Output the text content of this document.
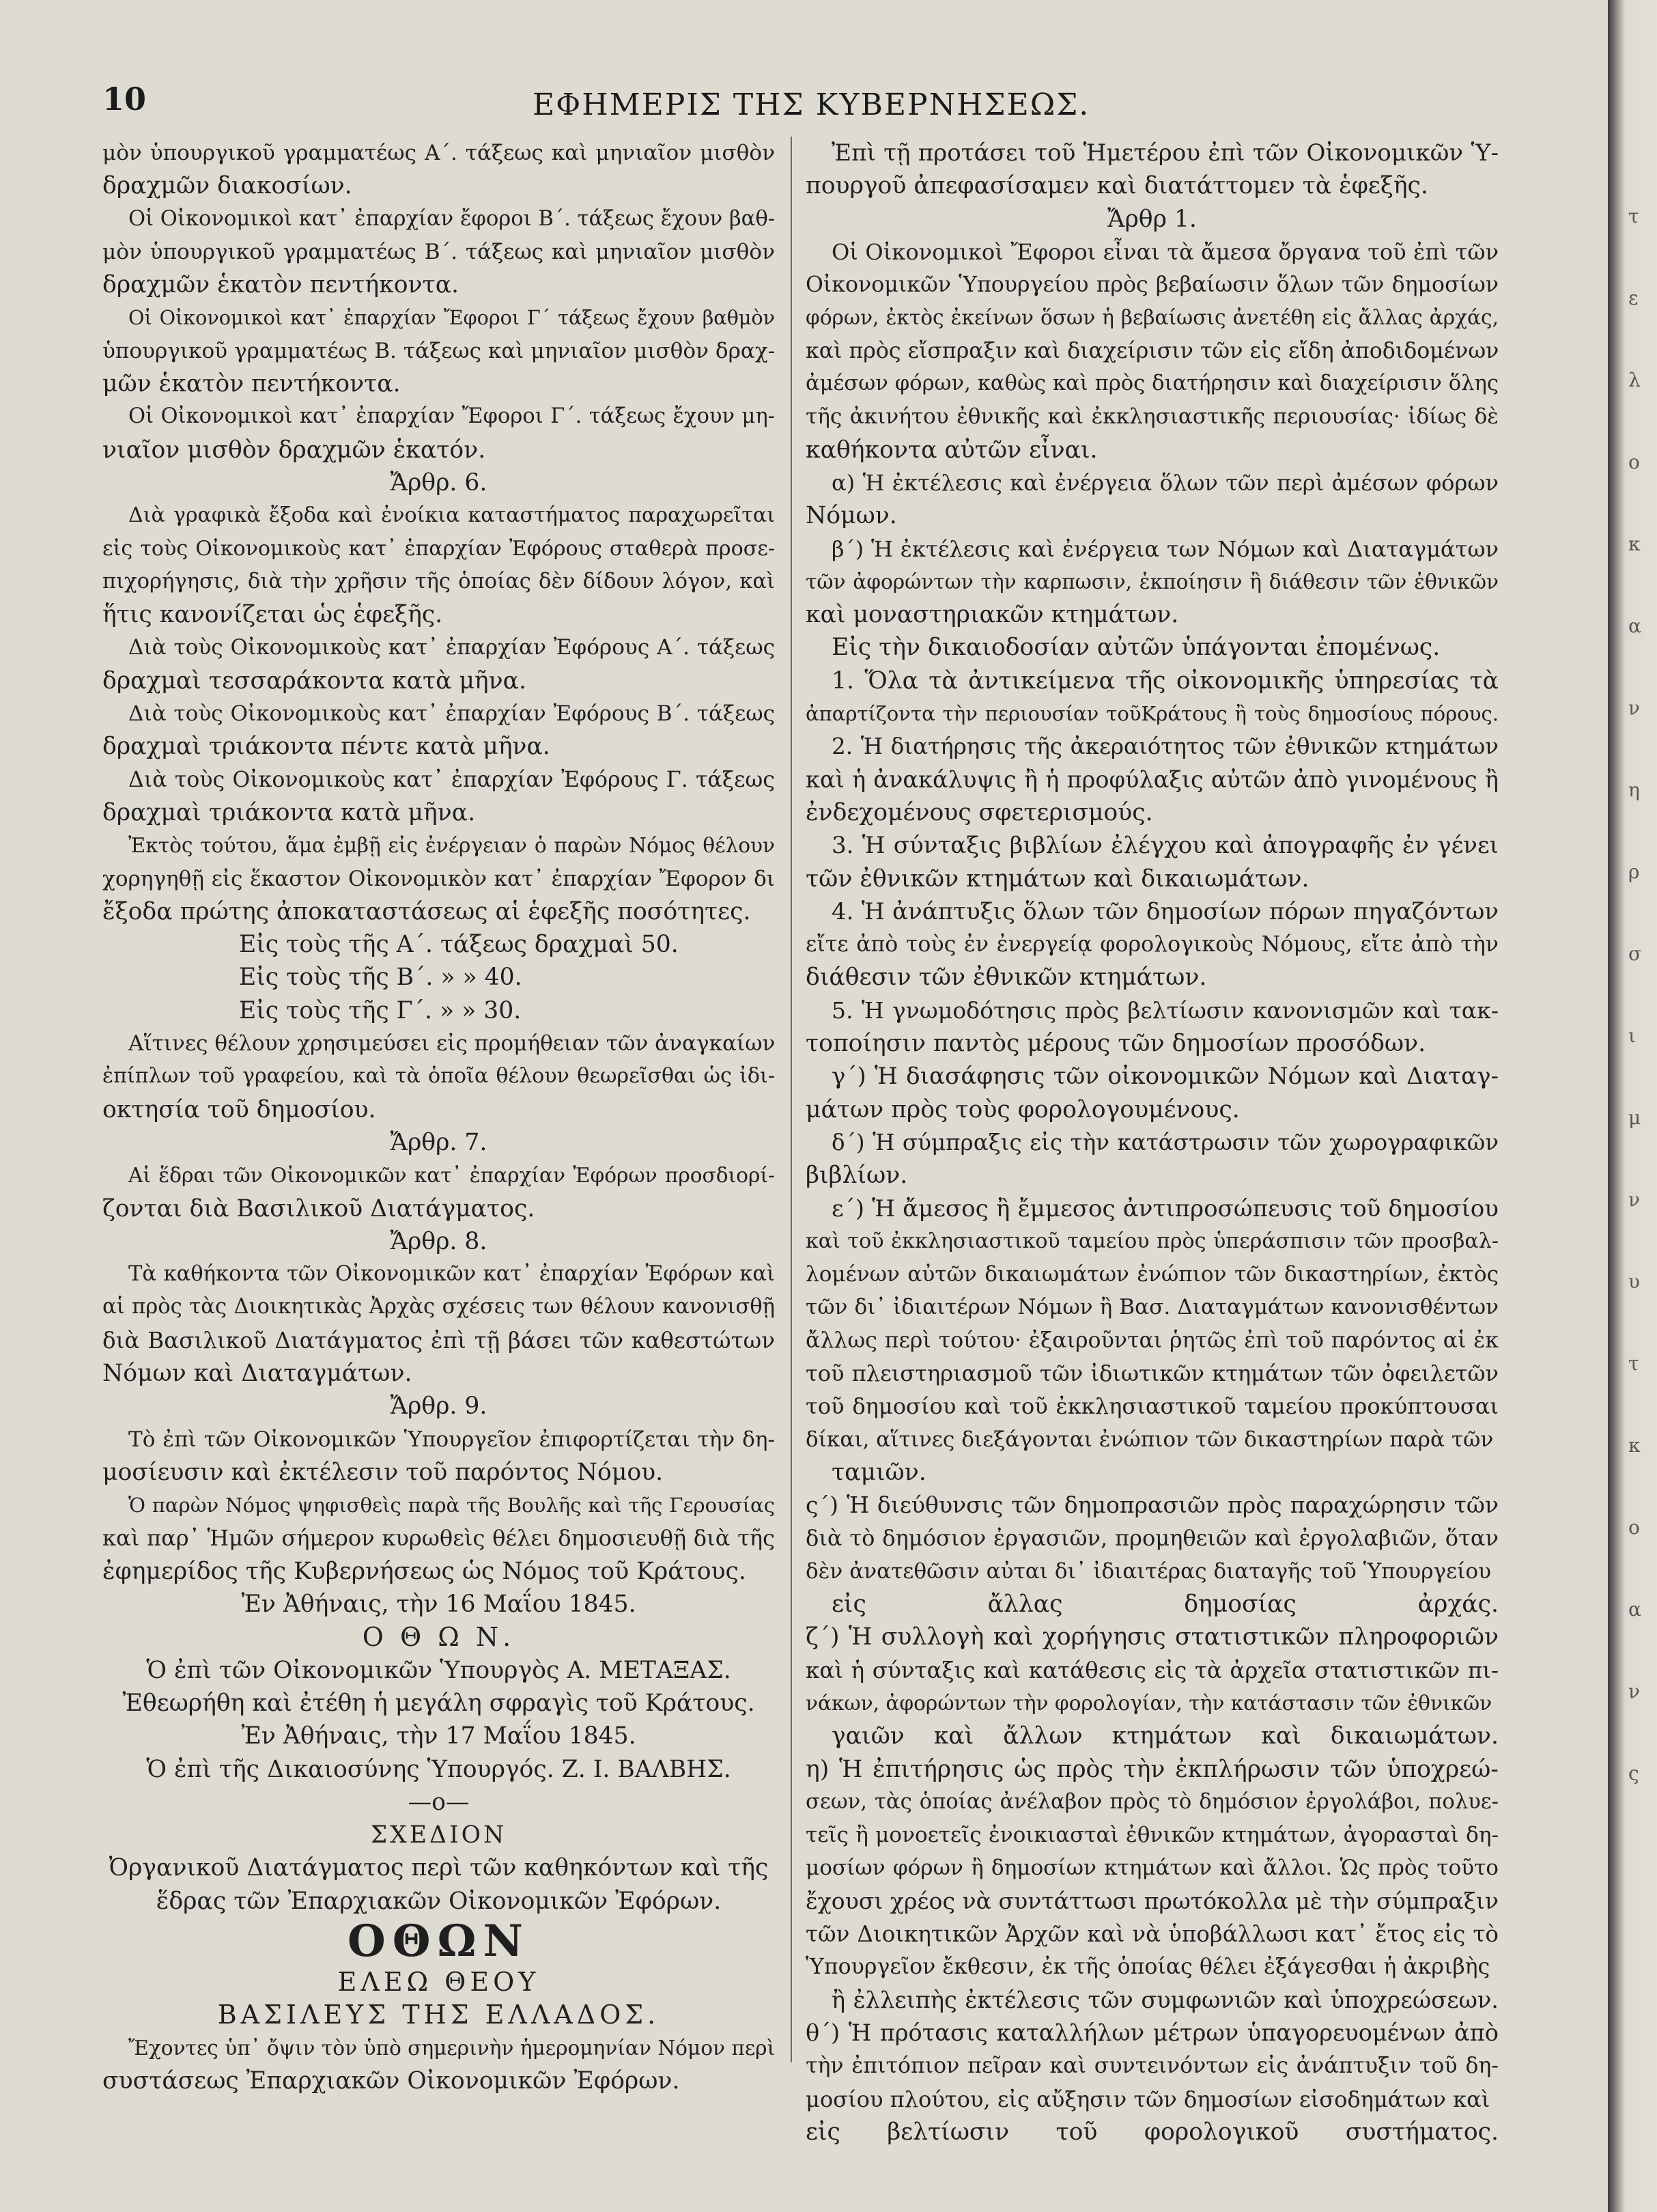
10	ΕΦΗΜΕΡΙΣ ΤΗΣ ΚΥΒΕΡΝΗΣΕΩΣ.
μὸν ὑπουργικοῦ γραμματέως Α΄. τάξεως καὶ μηνιαῖον μισθὸν
δραχμῶν διακοσίων.
Οἱ Οἰκονομικοὶ κατ᾽ ἐπαρχίαν ἔφοροι Β΄. τάξεως ἔχουν βαθ-
μὸν ὑπουργικοῦ γραμματέως Β΄. τάξεως καὶ μηνιαῖον μισθὸν
δραχμῶν ἑκατὸν πεντήκοντα.
Οἱ Οἰκονομικοὶ κατ᾽ ἐπαρχίαν Ἔφοροι Γ΄ τάξεως ἔχουν βαθμὸν
ὑπουργικοῦ γραμματέως Β. τάξεως καὶ μηνιαῖον μισθὸν δραχ-
μῶν ἑκατὸν πεντήκοντα.
Οἱ Οἰκονομικοὶ κατ᾽ ἐπαρχίαν Ἔφοροι Γ΄. τάξεως ἔχουν μη-
νιαῖον μισθὸν δραχμῶν ἑκατόν.
Ἄρθρ. 6.
Διὰ γραφικὰ ἔξοδα καὶ ἐνοίκια καταστήματος παραχωρεῖται
εἰς τοὺς Οἰκονομικοὺς κατ᾽ ἐπαρχίαν Ἐφόρους σταθερὰ προσε-
πιχορήγησις, διὰ τὴν χρῆσιν τῆς ὁποίας δὲν δίδουν λόγον, καὶ
ἥτις κανονίζεται ὡς ἑφεξῆς.
Διὰ τοὺς Οἰκονομικοὺς κατ᾽ ἐπαρχίαν Ἐφόρους Α΄. τάξεως
δραχμαὶ τεσσαράκοντα κατὰ μῆνα.
Διὰ τοὺς Οἰκονομικοὺς κατ᾽ ἐπαρχίαν Ἐφόρους Β΄. τάξεως
δραχμαὶ τριάκοντα πέντε κατὰ μῆνα.
Διὰ τοὺς Οἰκονομικοὺς κατ᾽ ἐπαρχίαν Ἐφόρους Γ. τάξεως
δραχμαὶ τριάκοντα κατὰ μῆνα.
Ἐκτὸς τούτου, ἅμα ἐμβῇ εἰς ἐνέργειαν ὁ παρὼν Νόμος θέλουν
χορηγηθῇ εἰς ἕκαστον Οἰκονομικὸν κατ᾽ ἐπαρχίαν Ἔφορον δι
ἔξοδα πρώτης ἀποκαταστάσεως αἱ ἑφεξῆς ποσότητες.
Εἰς τοὺς τῆς Α΄. τάξεως δραχμαὶ 50.
Εἰς τοὺς τῆς Β΄. » » 40.
Εἰς τοὺς τῆς Γ΄. » » 30.
Αἵτινες θέλουν χρησιμεύσει εἰς προμήθειαν τῶν ἀναγκαίων
ἐπίπλων τοῦ γραφείου, καὶ τὰ ὁποῖα θέλουν θεωρεῖσθαι ὡς ἰδι-
οκτησία τοῦ δημοσίου.
Ἄρθρ. 7.
Αἱ ἕδραι τῶν Οἰκονομικῶν κατ᾽ ἐπαρχίαν Ἐφόρων προσδιορί-
ζονται διὰ Βασιλικοῦ Διατάγματος.
Ἄρθρ. 8.
Τὰ καθήκοντα τῶν Οἰκονομικῶν κατ᾽ ἐπαρχίαν Ἐφόρων καὶ
αἱ πρὸς τὰς Διοικητικὰς Ἀρχὰς σχέσεις των θέλουν κανονισθῇ
διὰ Βασιλικοῦ Διατάγματος ἐπὶ τῇ βάσει τῶν καθεστώτων
Νόμων καὶ Διαταγμάτων.
Ἄρθρ. 9.
Τὸ ἐπὶ τῶν Οἰκονομικῶν Ὑπουργεῖον ἐπιφορτίζεται τὴν δη-
μοσίευσιν καὶ ἐκτέλεσιν τοῦ παρόντος Νόμου.
Ὁ παρὼν Νόμος ψηφισθεὶς παρὰ τῆς Βουλῆς καὶ τῆς Γερουσίας
καὶ παρ᾽ Ἡμῶν σήμερον κυρωθεὶς θέλει δημοσιευθῇ διὰ τῆς
ἐφημερίδος τῆς Κυβερνήσεως ὡς Νόμος τοῦ Κράτους.
Ἐν Ἀθήναις, τὴν 16 Μαΐου 1845.
Ο Θ Ω Ν.
Ὁ ἐπὶ τῶν Οἰκονομικῶν Ὑπουργὸς Α. ΜΕΤΑΞΑΣ.
Ἐθεωρήθη καὶ ἐτέθη ἡ μεγάλη σφραγὶς τοῦ Κράτους.
Ἐν Ἀθήναις, τὴν 17 Μαΐου 1845.
Ὁ ἐπὶ τῆς Δικαιοσύνης Ὑπουργός. Ζ. Ι. ΒΑΛΒΗΣ.
—ο—
ΣΧΕΔΙΟΝ
Ὀργανικοῦ Διατάγματος περὶ τῶν καθηκόντων καὶ τῆς
ἕδρας τῶν Ἐπαρχιακῶν Οἰκονομικῶν Ἐφόρων.
ΟΘΩΝ
ΕΛΕΩ ΘΕΟΥ
ΒΑΣΙΛΕΥΣ ΤΗΣ ΕΛΛΑΔΟΣ.
Ἔχοντες ὑπ᾽ ὄψιν τὸν ὑπὸ σημερινὴν ἡμερομηνίαν Νόμον περὶ
συστάσεως Ἐπαρχιακῶν Οἰκονομικῶν Ἐφόρων.
Ἐπὶ τῇ προτάσει τοῦ Ἡμετέρου ἐπὶ τῶν Οἰκονομικῶν Ὑ-
πουργοῦ ἀπεφασίσαμεν καὶ διατάττομεν τὰ ἑφεξῆς.
Ἄρθρ 1.
Οἱ Οἰκονομικοὶ Ἔφοροι εἶναι τὰ ἄμεσα ὄργανα τοῦ ἐπὶ τῶν
Οἰκονομικῶν Ὑπουργείου πρὸς βεβαίωσιν ὅλων τῶν δημοσίων
φόρων, ἐκτὸς ἐκείνων ὅσων ἡ βεβαίωσις ἀνετέθη εἰς ἄλλας ἀρχάς,
καὶ πρὸς εἴσπραξιν καὶ διαχείρισιν τῶν εἰς εἴδη ἀποδιδομένων
ἀμέσων φόρων, καθὼς καὶ πρὸς διατήρησιν καὶ διαχείρισιν ὅλης
τῆς ἀκινήτου ἐθνικῆς καὶ ἐκκλησιαστικῆς περιουσίας· ἰδίως δὲ
καθήκοντα αὐτῶν εἶναι.
α) Ἡ ἐκτέλεσις καὶ ἐνέργεια ὅλων τῶν περὶ ἀμέσων φόρων
Νόμων.
β΄) Ἡ ἐκτέλεσις καὶ ἐνέργεια των Νόμων καὶ Διαταγμάτων
τῶν ἀφορώντων τὴν καρπωσιν, ἐκποίησιν ἢ διάθεσιν τῶν ἐθνικῶν
καὶ μοναστηριακῶν κτημάτων.
Εἰς τὴν δικαιοδοσίαν αὐτῶν ὑπάγονται ἐπομένως.
1. Ὅλα τὰ ἀντικείμενα τῆς οἰκονομικῆς ὑπηρεσίας τὰ
ἀπαρτίζοντα τὴν περιουσίαν τοῦΚράτους ἢ τοὺς δημοσίους πόρους.
2. Ἡ διατήρησις τῆς ἀκεραιότητος τῶν ἐθνικῶν κτημάτων
καὶ ἡ ἀνακάλυψις ἢ ἡ προφύλαξις αὐτῶν ἀπὸ γινομένους ἢ
ἐνδεχομένους σφετερισμούς.
3. Ἡ σύνταξις βιβλίων ἐλέγχου καὶ ἀπογραφῆς ἐν γένει
τῶν ἐθνικῶν κτημάτων καὶ δικαιωμάτων.
4. Ἡ ἀνάπτυξις ὅλων τῶν δημοσίων πόρων πηγαζόντων
εἴτε ἀπὸ τοὺς ἐν ἐνεργείᾳ φορολογικοὺς Νόμους, εἴτε ἀπὸ τὴν
διάθεσιν τῶν ἐθνικῶν κτημάτων.
5. Ἡ γνωμοδότησις πρὸς βελτίωσιν κανονισμῶν καὶ τακ-
τοποίησιν παντὸς μέρους τῶν δημοσίων προσόδων.
γ΄) Ἡ διασάφησις τῶν οἰκονομικῶν Νόμων καὶ Διαταγ-
μάτων πρὸς τοὺς φορολογουμένους.
δ΄) Ἡ σύμπραξις εἰς τὴν κατάστρωσιν τῶν χωρογραφικῶν
βιβλίων.
ε΄) Ἡ ἄμεσος ἢ ἔμμεσος ἀντιπροσώπευσις τοῦ δημοσίου
καὶ τοῦ ἐκκλησιαστικοῦ ταμείου πρὸς ὑπεράσπισιν τῶν προσβαλ-
λομένων αὐτῶν δικαιωμάτων ἐνώπιον τῶν δικαστηρίων, ἐκτὸς
τῶν δι᾽ ἰδιαιτέρων Νόμων ἢ Βασ. Διαταγμάτων κανονισθέντων
ἄλλως περὶ τούτου· ἐξαιροῦνται ῥητῶς ἐπὶ τοῦ παρόντος αἱ ἐκ
τοῦ πλειστηριασμοῦ τῶν ἰδιωτικῶν κτημάτων τῶν ὀφειλετῶν
τοῦ δημοσίου καὶ τοῦ ἐκκλησιαστικοῦ ταμείου προκύπτουσαι
δίκαι, αἵτινες διεξάγονται ἐνώπιον τῶν δικαστηρίων παρὰ τῶν
ταμιῶν.
ς΄) Ἡ διεύθυνσις τῶν δημοπρασιῶν πρὸς παραχώρησιν τῶν
διὰ τὸ δημόσιον ἐργασιῶν, προμηθειῶν καὶ ἐργολαβιῶν, ὅταν
δὲν ἀνατεθῶσιν αὐται δι᾽ ἰδιαιτέρας διαταγῆς τοῦ Ὑπουργείου
εἰς ἄλλας δημοσίας ἀρχάς.
ζ΄) Ἡ συλλογὴ καὶ χορήγησις στατιστικῶν πληροφοριῶν
καὶ ἡ σύνταξις καὶ κατάθεσις εἰς τὰ ἀρχεῖα στατιστικῶν πι-
νάκων, ἀφορώντων τὴν φορολογίαν, τὴν κατάστασιν τῶν ἐθνικῶν
γαιῶν καὶ ἄλλων κτημάτων καὶ δικαιωμάτων.
η) Ἡ ἐπιτήρησις ὡς πρὸς τὴν ἐκπλήρωσιν τῶν ὑποχρεώ-
σεων, τὰς ὁποίας ἀνέλαβον πρὸς τὸ δημόσιον ἐργολάβοι, πολυε-
τεῖς ἢ μονοετεῖς ἐνοικιασταὶ ἐθνικῶν κτημάτων, ἀγορασταὶ δη-
μοσίων φόρων ἢ δημοσίων κτημάτων καὶ ἄλλοι. Ὡς πρὸς τοῦτο
ἔχουσι χρέος νὰ συντάττωσι πρωτόκολλα μὲ τὴν σύμπραξιν
τῶν Διοικητικῶν Ἀρχῶν καὶ νὰ ὑποβάλλωσι κατ᾽ ἔτος εἰς τὸ
Ὑπουργεῖον ἔκθεσιν, ἐκ τῆς ὁποίας θέλει ἐξάγεσθαι ἡ ἀκριβὴς
ἢ ἐλλειπὴς ἐκτέλεσις τῶν συμφωνιῶν καὶ ὑποχρεώσεων.
θ΄) Ἡ πρότασις καταλλήλων μέτρων ὑπαγορευομένων ἀπὸ
τὴν ἐπιτόπιον πεῖραν καὶ συντεινόντων εἰς ἀνάπτυξιν τοῦ δη-
μοσίου πλούτου, εἰς αὔξησιν τῶν δημοσίων εἰσοδημάτων καὶ
εἰς βελτίωσιν τοῦ φορολογικοῦ συστήματος.
τ
ε
λ
ο
κ
α
ν
η
ρ
σ
ι
μ
ν
υ
τ
κ
ο
α
ν
ς
